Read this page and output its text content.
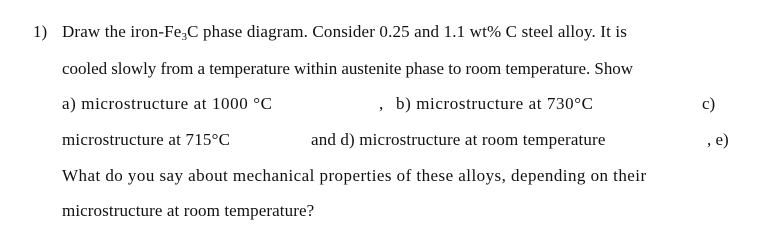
1) Draw the iron-$Fe_3C$ phase diagram. Consider 0.25 and 1.1 wt% C steel alloy. It is
cooled slowly from a temperature within austenite phase to room temperature. Show
a) microstructure at 1000 °C	, b) microstructure at 730°C	c)
microstructure at 715°C	and d) microstructure at room temperature	, e)
What do you say about mechanical properties of these alloys, depending on their
microstructure at room temperature?
